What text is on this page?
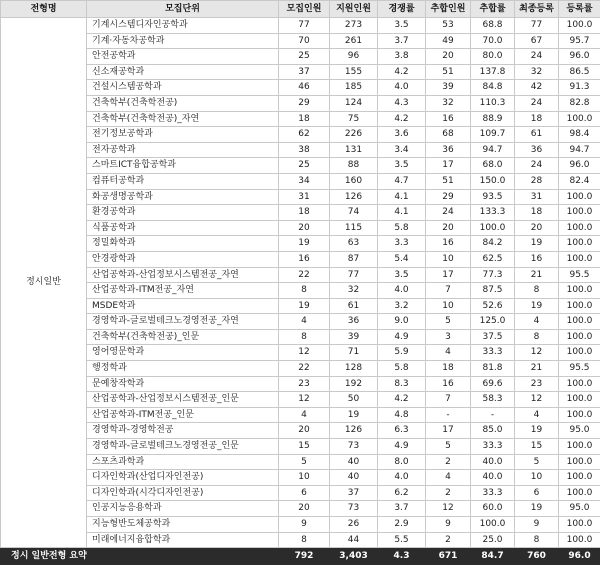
전형명	모집단위	모집인원	지원인원	경쟁률	추합인원	추합률	최종등록	등록률
정시일반	기계시스템디자인공학과	77	273	3.5	53	68.8	77	100.0
	기계·자동차공학과	70	261	3.7	49	70.0	67	95.7
	안전공학과	25	96	3.8	20	80.0	24	96.0
	신소재공학과	37	155	4.2	51	137.8	32	86.5
	건설시스템공학과	46	185	4.0	39	84.8	42	91.3
	건축학부(건축학전공)	29	124	4.3	32	110.3	24	82.8
	건축학부(건축학전공)_자연	18	75	4.2	16	88.9	18	100.0
	전기정보공학과	62	226	3.6	68	109.7	61	98.4
	전자공학과	38	131	3.4	36	94.7	36	94.7
	스마트ICT융합공학과	25	88	3.5	17	68.0	24	96.0
	컴퓨터공학과	34	160	4.7	51	150.0	28	82.4
	화공생명공학과	31	126	4.1	29	93.5	31	100.0
	환경공학과	18	74	4.1	24	133.3	18	100.0
	식품공학과	20	115	5.8	20	100.0	20	100.0
	정밀화학과	19	63	3.3	16	84.2	19	100.0
	안경광학과	16	87	5.4	10	62.5	16	100.0
	산업공학과-산업정보시스템전공_자연	22	77	3.5	17	77.3	21	95.5
	산업공학과-ITM전공_자연	8	32	4.0	7	87.5	8	100.0
	MSDE학과	19	61	3.2	10	52.6	19	100.0
	경영학과-글로벌테크노경영전공_자연	4	36	9.0	5	125.0	4	100.0
	건축학부(건축학전공)_인문	8	39	4.9	3	37.5	8	100.0
	영어영문학과	12	71	5.9	4	33.3	12	100.0
	행정학과	22	128	5.8	18	81.8	21	95.5
	문예창작학과	23	192	8.3	16	69.6	23	100.0
	산업공학과-산업정보시스템전공_인문	12	50	4.2	7	58.3	12	100.0
	산업공학과-ITM전공_인문	4	19	4.8	-	-	4	100.0
	경영학과-경영학전공	20	126	6.3	17	85.0	19	95.0
	경영학과-글로벌테크노경영전공_인문	15	73	4.9	5	33.3	15	100.0
	스포츠과학과	5	40	8.0	2	40.0	5	100.0
	디자인학과(산업디자인전공)	10	40	4.0	4	40.0	10	100.0
	디자인학과(시각디자인전공)	6	37	6.2	2	33.3	6	100.0
	인공지능응용학과	20	73	3.7	12	60.0	19	95.0
	지능형반도체공학과	9	26	2.9	9	100.0	9	100.0
	미래에너지융합학과	8	44	5.5	2	25.0	8	100.0
정시 일반전형 요약		792	3,403	4.3	671	84.7	760	96.0
